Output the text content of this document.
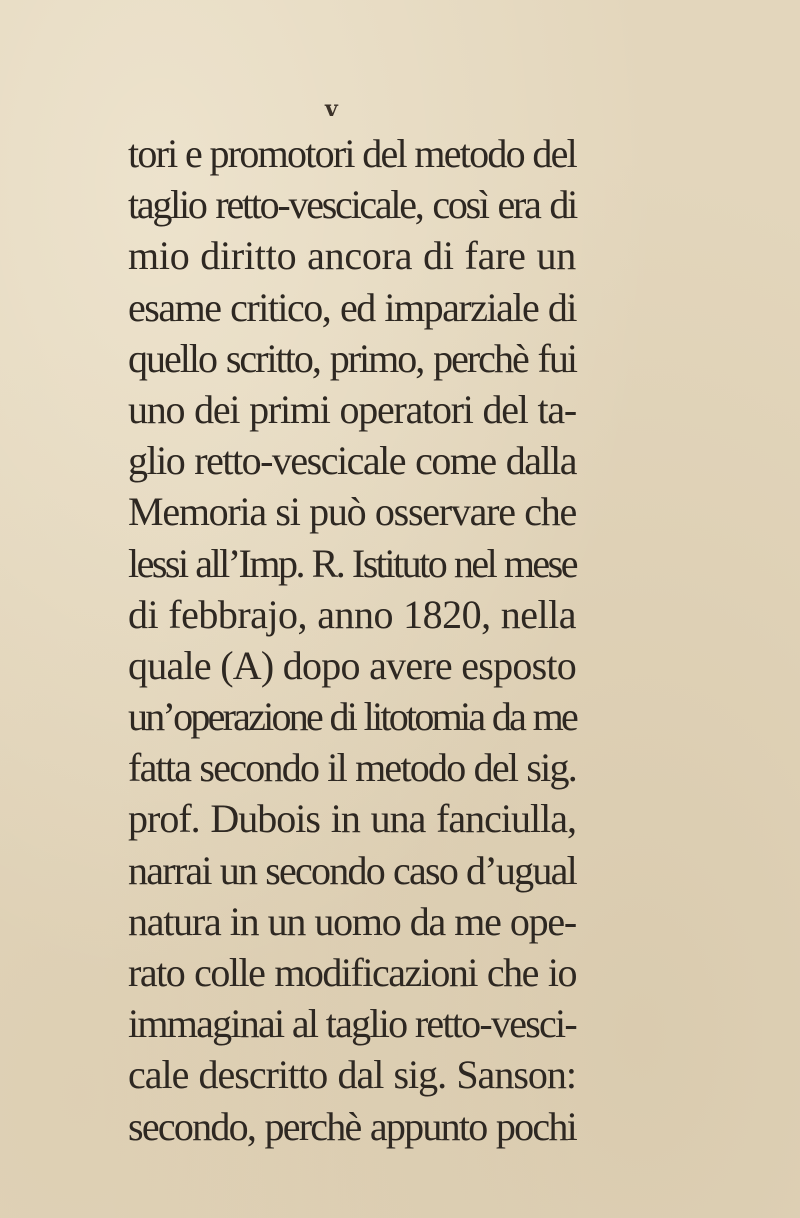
v
tori e promotori del metodo del
taglio retto-vescicale, così era di
mio diritto ancora di fare un
esame critico, ed imparziale di
quello scritto, primo, perchè fui
uno dei primi operatori del ta-
glio retto-vescicale come dalla
Memoria si può osservare che
lessi all’Imp. R. Istituto nel mese
di febbrajo, anno 1820, nella
quale (A) dopo avere esposto
un’operazione di litotomia da me
fatta secondo il metodo del sig.
prof. Dubois in una fanciulla,
narrai un secondo caso d’ugual
natura in un uomo da me ope-
rato colle modificazioni che io
immaginai al taglio retto-vesci-
cale descritto dal sig. Sanson:
secondo, perchè appunto pochi
